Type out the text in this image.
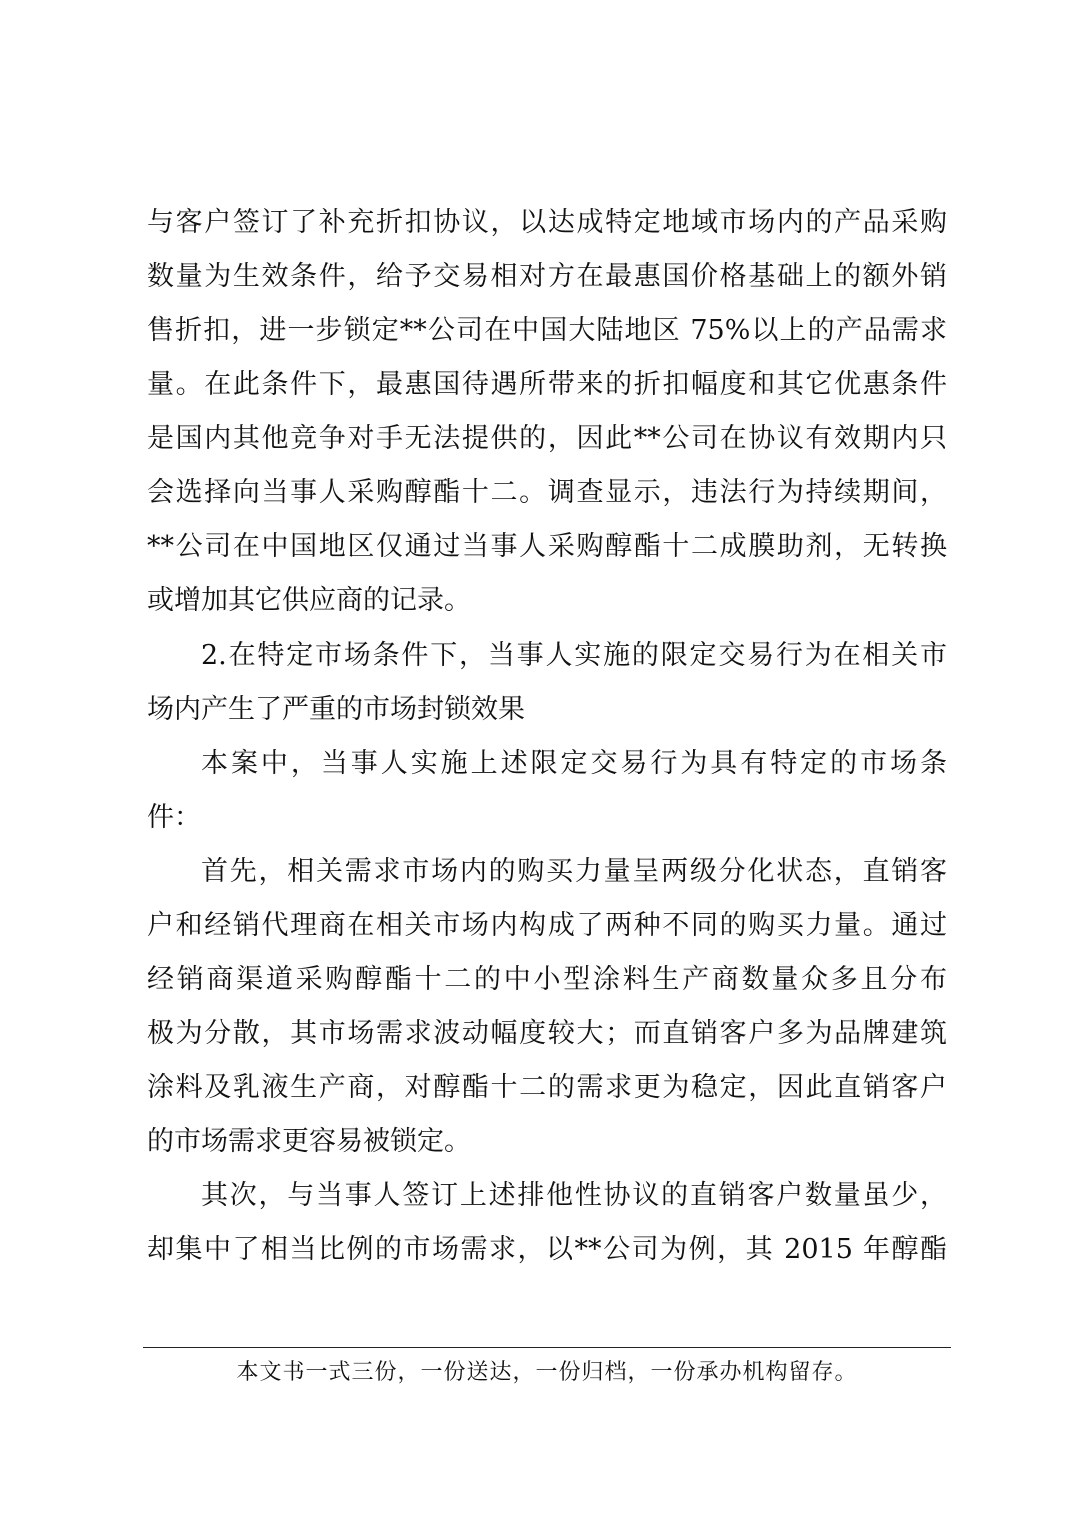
与客户签订了补充折扣协议，以达成特定地域市场内的产品采购
数量为生效条件，给予交易相对方在最惠国价格基础上的额外销
售折扣，进一步锁定**公司在中国大陆地区 75%以上的产品需求
量。在此条件下，最惠国待遇所带来的折扣幅度和其它优惠条件
是国内其他竞争对手无法提供的，因此**公司在协议有效期内只
会选择向当事人采购醇酯十二。调查显示，违法行为持续期间，
**公司在中国地区仅通过当事人采购醇酯十二成膜助剂，无转换
或增加其它供应商的记录。
2.在特定市场条件下，当事人实施的限定交易行为在相关市
场内产生了严重的市场封锁效果
本案中，当事人实施上述限定交易行为具有特定的市场条
件：
首先，相关需求市场内的购买力量呈两级分化状态，直销客
户和经销代理商在相关市场内构成了两种不同的购买力量。通过
经销商渠道采购醇酯十二的中小型涂料生产商数量众多且分布
极为分散，其市场需求波动幅度较大；而直销客户多为品牌建筑
涂料及乳液生产商，对醇酯十二的需求更为稳定，因此直销客户
的市场需求更容易被锁定。
其次，与当事人签订上述排他性协议的直销客户数量虽少，
却集中了相当比例的市场需求，以**公司为例，其 2015 年醇酯
本文书一式三份，一份送达，一份归档，一份承办机构留存。
